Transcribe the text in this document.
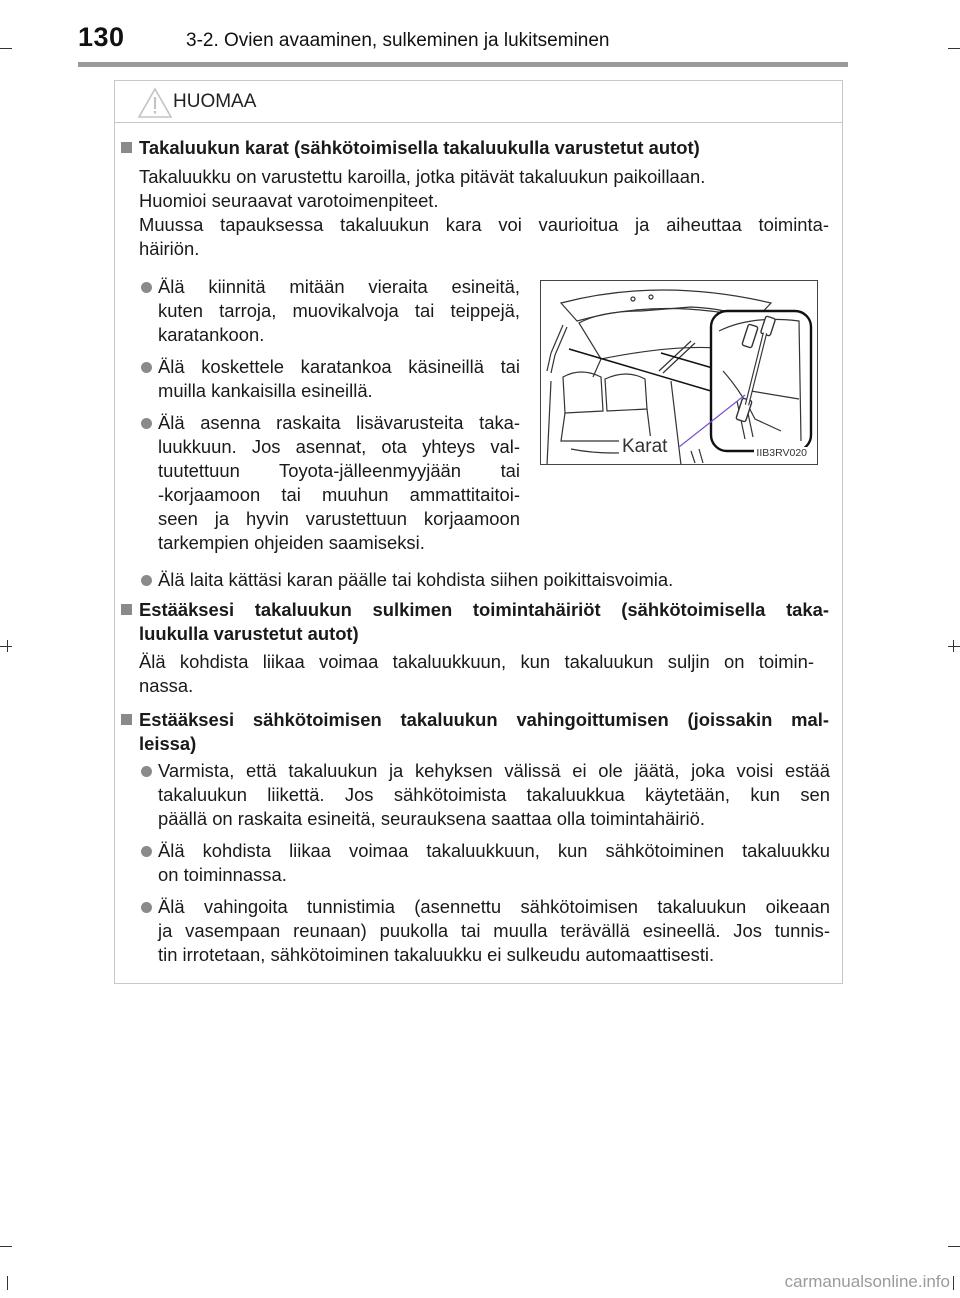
130	3-2. Ovien avaaminen, sulkeminen ja lukitseminen
HUOMAA
Takaluukun karat (sähkötoimisella takaluukulla varustetut autot)
Takaluukku on varustettu karoilla, jotka pitävät takaluukun paikoillaan.
Huomioi seuraavat varotoimenpiteet.
Muussa tapauksessa takaluukun kara voi vaurioitua ja aiheuttaa toiminta-
häiriön.
Älä kiinnitä mitään vieraita esineitä,
kuten tarroja, muovikalvoja tai teippejä,
karatankoon.
Älä koskettele karatankoa käsineillä tai
muilla kankaisilla esineillä.
Älä asenna raskaita lisävarusteita taka-
luukkuun. Jos asennat, ota yhteys val-
tuutettuun Toyota-jälleenmyyjään tai
-korjaamoon tai muuhun ammattitaitoi-
seen ja hyvin varustettuun korjaamoon
tarkempien ohjeiden saamiseksi.
Karat	IIB3RV020
Älä laita kättäsi karan päälle tai kohdista siihen poikittaisvoimia.
Estääksesi takaluukun sulkimen toimintahäiriöt (sähkötoimisella taka-
luukulla varustetut autot)
Älä kohdista liikaa voimaa takaluukkuun, kun takaluukun suljin on toimin-
nassa.
Estääksesi sähkötoimisen takaluukun vahingoittumisen (joissakin mal-
leissa)
Varmista, että takaluukun ja kehyksen välissä ei ole jäätä, joka voisi estää
takaluukun liikettä. Jos sähkötoimista takaluukkua käytetään, kun sen
päällä on raskaita esineitä, seurauksena saattaa olla toimintahäiriö.
Älä kohdista liikaa voimaa takaluukkuun, kun sähkötoiminen takaluukku
on toiminnassa.
Älä vahingoita tunnistimia (asennettu sähkötoimisen takaluukun oikeaan
ja vasempaan reunaan) puukolla tai muulla terävällä esineellä. Jos tunnis-
tin irrotetaan, sähkötoiminen takaluukku ei sulkeudu automaattisesti.
carmanualsonline.info
